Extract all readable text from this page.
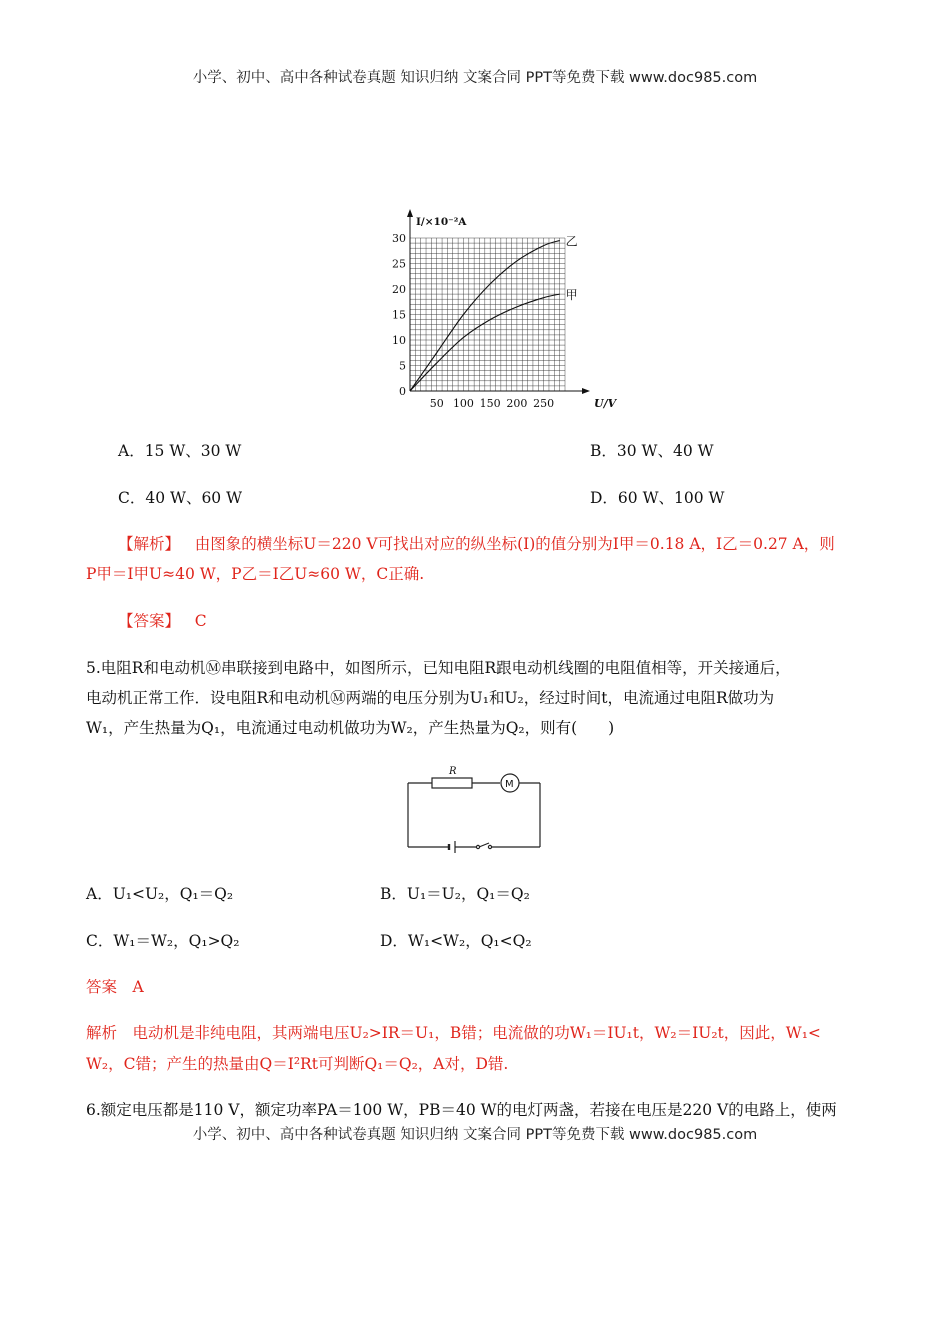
小学、初中、高中各种试卷真题 知识归纳 文案合同 PPT等免费下载 www.doc985.com
0
5
10
15
20
25
30
50 100 150 200 250
I/×10⁻²A
U/V
乙
甲
A．15 W、30 W	B．30 W、40 W
C．40 W、60 W	D．60 W、100 W
【解析】 由图象的横坐标U＝220 V可找出对应的纵坐标(I)的值分别为I甲＝0.18 A，I乙＝0.27 A，则
P甲＝I甲U≈40 W，P乙＝I乙U≈60 W，C正确.
【答案】 C
5.电阻R和电动机Ⓜ串联接到电路中，如图所示，已知电阻R跟电动机线圈的电阻值相等，开关接通后，
电动机正常工作．设电阻R和电动机Ⓜ两端的电压分别为U₁和U₂，经过时间t，电流通过电阻R做功为
W₁，产生热量为Q₁，电流通过电动机做功为W₂，产生热量为Q₂，则有(　　)
R
M
A．U₁<U₂，Q₁＝Q₂	B．U₁＝U₂，Q₁＝Q₂
C．W₁＝W₂，Q₁>Q₂	D．W₁<W₂，Q₁<Q₂
答案　A
解析　电动机是非纯电阻，其两端电压U₂>IR＝U₁，B错；电流做的功W₁＝IU₁t，W₂＝IU₂t，因此，W₁<
W₂，C错；产生的热量由Q＝I²Rt可判断Q₁＝Q₂，A对，D错.
6.额定电压都是110 V，额定功率PA＝100 W，PB＝40 W的电灯两盏，若接在电压是220 V的电路上，使两
小学、初中、高中各种试卷真题 知识归纳 文案合同 PPT等免费下载 www.doc985.com
